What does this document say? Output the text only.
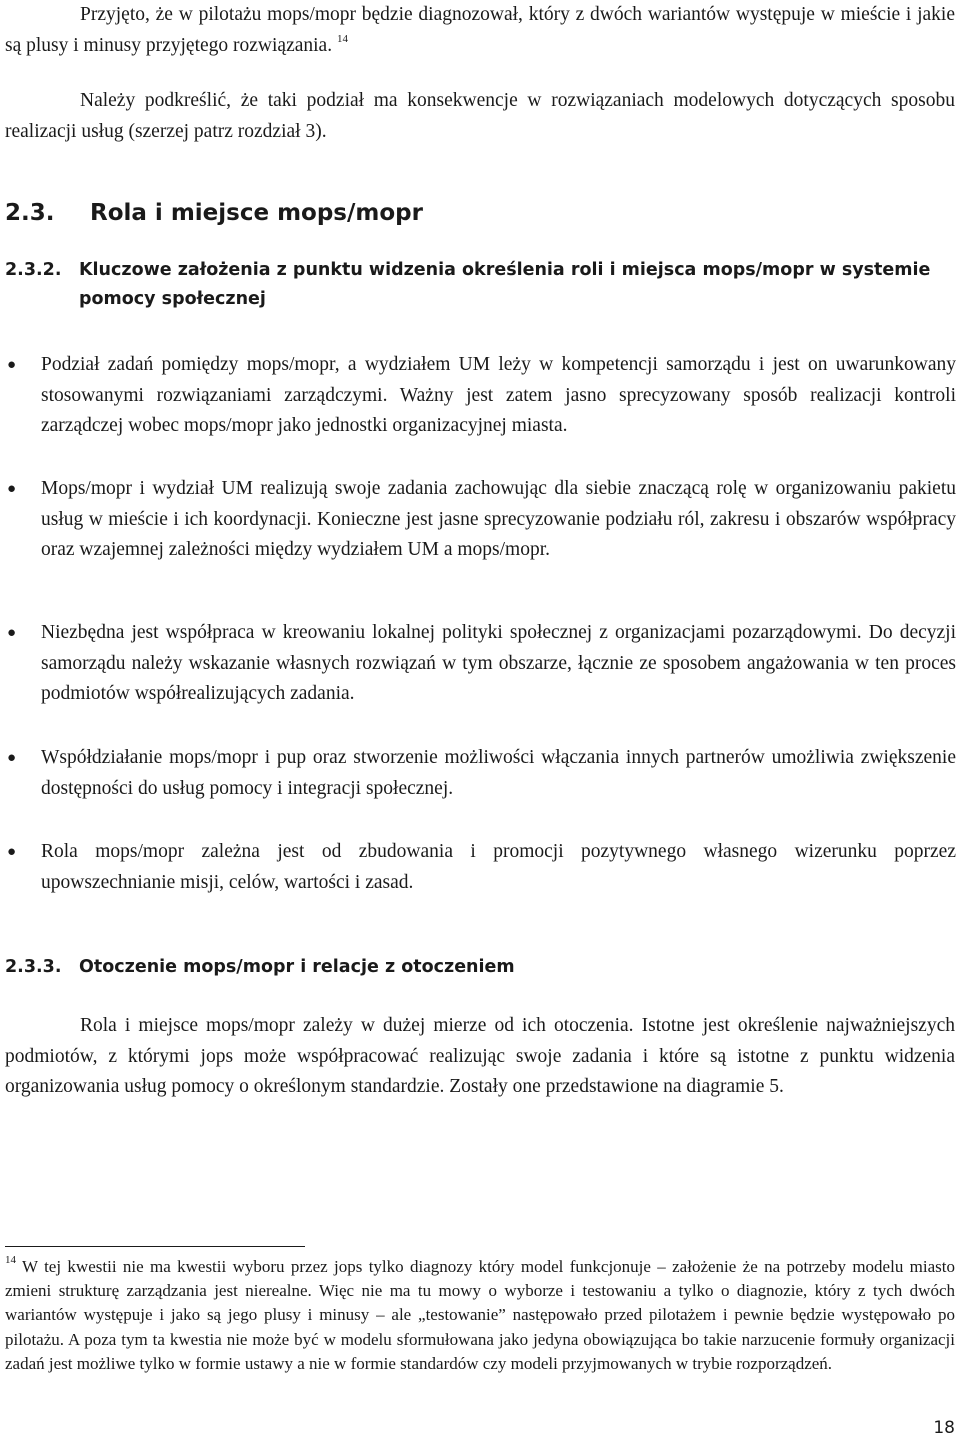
Przyjęto, że w pilotażu mops/mopr będzie diagnozował, który z dwóch wariantów występuje w mieście i jakie są plusy i minusy przyjętego rozwiązania. $^{14}$

Należy podkreślić, że taki podział ma konsekwencje w rozwiązaniach modelowych dotyczących sposobu realizacji usług (szerzej patrz rozdział 3).

2.3. Rola i miejsce mops/mopr
2.3.2. Kluczowe założenia z punktu widzenia określenia roli i miejsca mops/mopr w systemie pomocy społecznej
● Podział zadań pomiędzy mops/mopr, a wydziałem UM leży w kompetencji samorządu i jest on uwarunkowany stosowanymi rozwiązaniami zarządczymi. Ważny jest zatem jasno sprecyzowany sposób realizacji kontroli zarządczej wobec mops/mopr jako jednostki organizacyjnej miasta.
● Mops/mopr i wydział UM realizują swoje zadania zachowując dla siebie znaczącą rolę w organizowaniu pakietu usług w mieście i ich koordynacji. Konieczne jest jasne sprecyzowanie podziału ról, zakresu i obszarów współpracy oraz wzajemnej zależności między wydziałem UM a mops/mopr.
● Niezbędna jest współpraca w kreowaniu lokalnej polityki społecznej z organizacjami pozarządowymi. Do decyzji samorządu należy wskazanie własnych rozwiązań w tym obszarze, łącznie ze sposobem angażowania w ten proces podmiotów współrealizujących zadania.
● Współdziałanie mops/mopr i pup oraz stworzenie możliwości włączania innych partnerów umożliwia zwiększenie dostępności do usług pomocy i integracji społecznej.
● Rola mops/mopr zależna jest od zbudowania i promocji pozytywnego własnego wizerunku poprzez upowszechnianie misji, celów, wartości i zasad.
2.3.3. Otoczenie mops/mopr i relacje z otoczeniem

Rola i miejsce mops/mopr zależy w dużej mierze od ich otoczenia. Istotne jest określenie najważniejszych podmiotów, z którymi jops może współpracować realizując swoje zadania i które są istotne z punktu widzenia organizowania usług pomocy o określonym standardzie. Zostały one przedstawione na diagramie 5.

$^{14}$ W tej kwestii nie ma kwestii wyboru przez jops tylko diagnozy który model funkcjonuje – założenie że na potrzeby modelu miasto zmieni strukturę zarządzania jest nierealne. Więc nie ma tu mowy o wyborze i testowaniu a tylko o diagnozie, który z tych dwóch wariantów występuje i jako są jego plusy i minusy – ale „testowanie” następowało przed pilotażem i pewnie będzie występowało po pilotażu. A poza tym ta kwestia nie może być w modelu sformułowana jako jedyna obowiązująca bo takie narzucenie formuły organizacji zadań jest możliwe tylko w formie ustawy a nie w formie standardów czy modeli przyjmowanych w trybie rozporządzeń.

18
